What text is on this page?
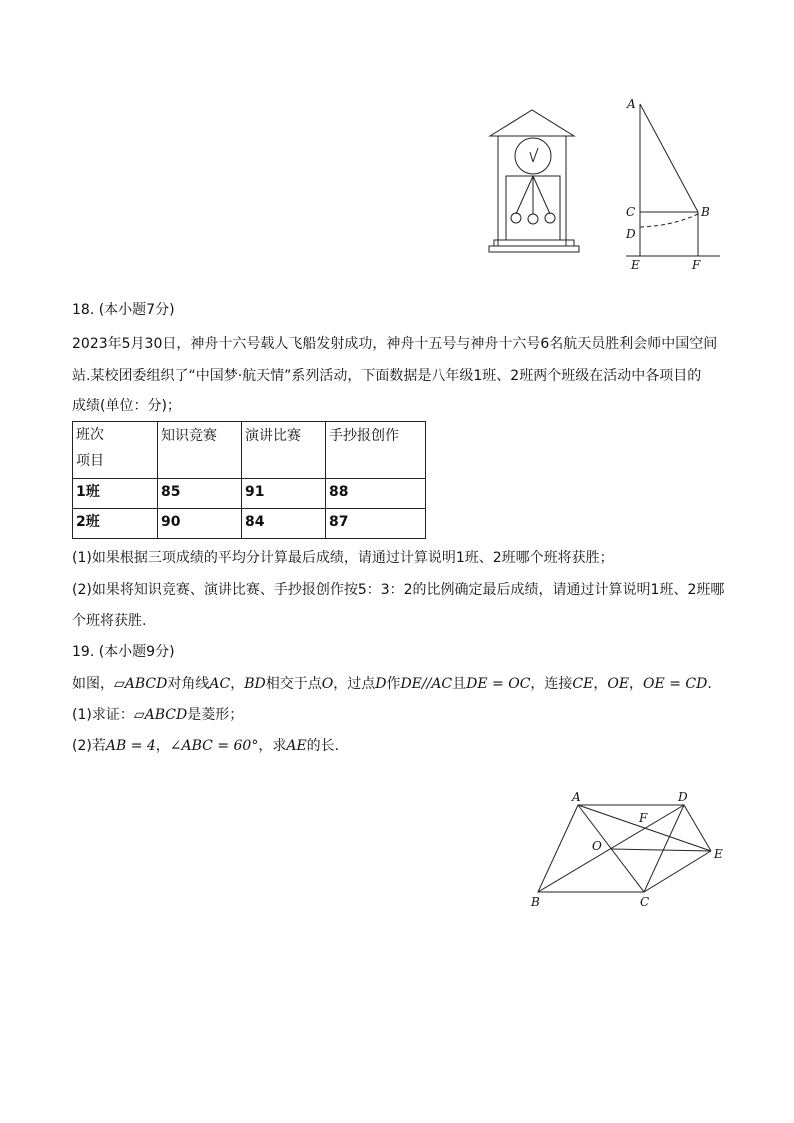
A
C	B
D
E	F
18. (本小题7分)
2023年5月30日，神舟十六号载人飞船发射成功，神舟十五号与神舟十六号6名航天员胜利会师中国空间
站.某校团委组织了“中国梦·航天情”系列活动，下面数据是八年级1班、2班两个班级在活动中各项目的
成绩(单位：分)；
班次
项目	知识竞赛	演讲比赛	手抄报创作
1班	85	91	88
2班	90	84	87
(1)如果根据三项成绩的平均分计算最后成绩，请通过计算说明1班、2班哪个班将获胜；
(2)如果将知识竞赛、演讲比赛、手抄报创作按5：3：2的比例确定最后成绩，请通过计算说明1班、2班哪
个班将获胜.
19. (本小题9分)
如图，▱ABCD对角线AC，BD相交于点O，过点D作DE//AC且DE = OC，连接CE，OE，OE = CD.
(1)求证：▱ABCD是菱形；
(2)若AB = 4，∠ABC = 60°，求AE的长.
A	D
F
O
E
B	C
